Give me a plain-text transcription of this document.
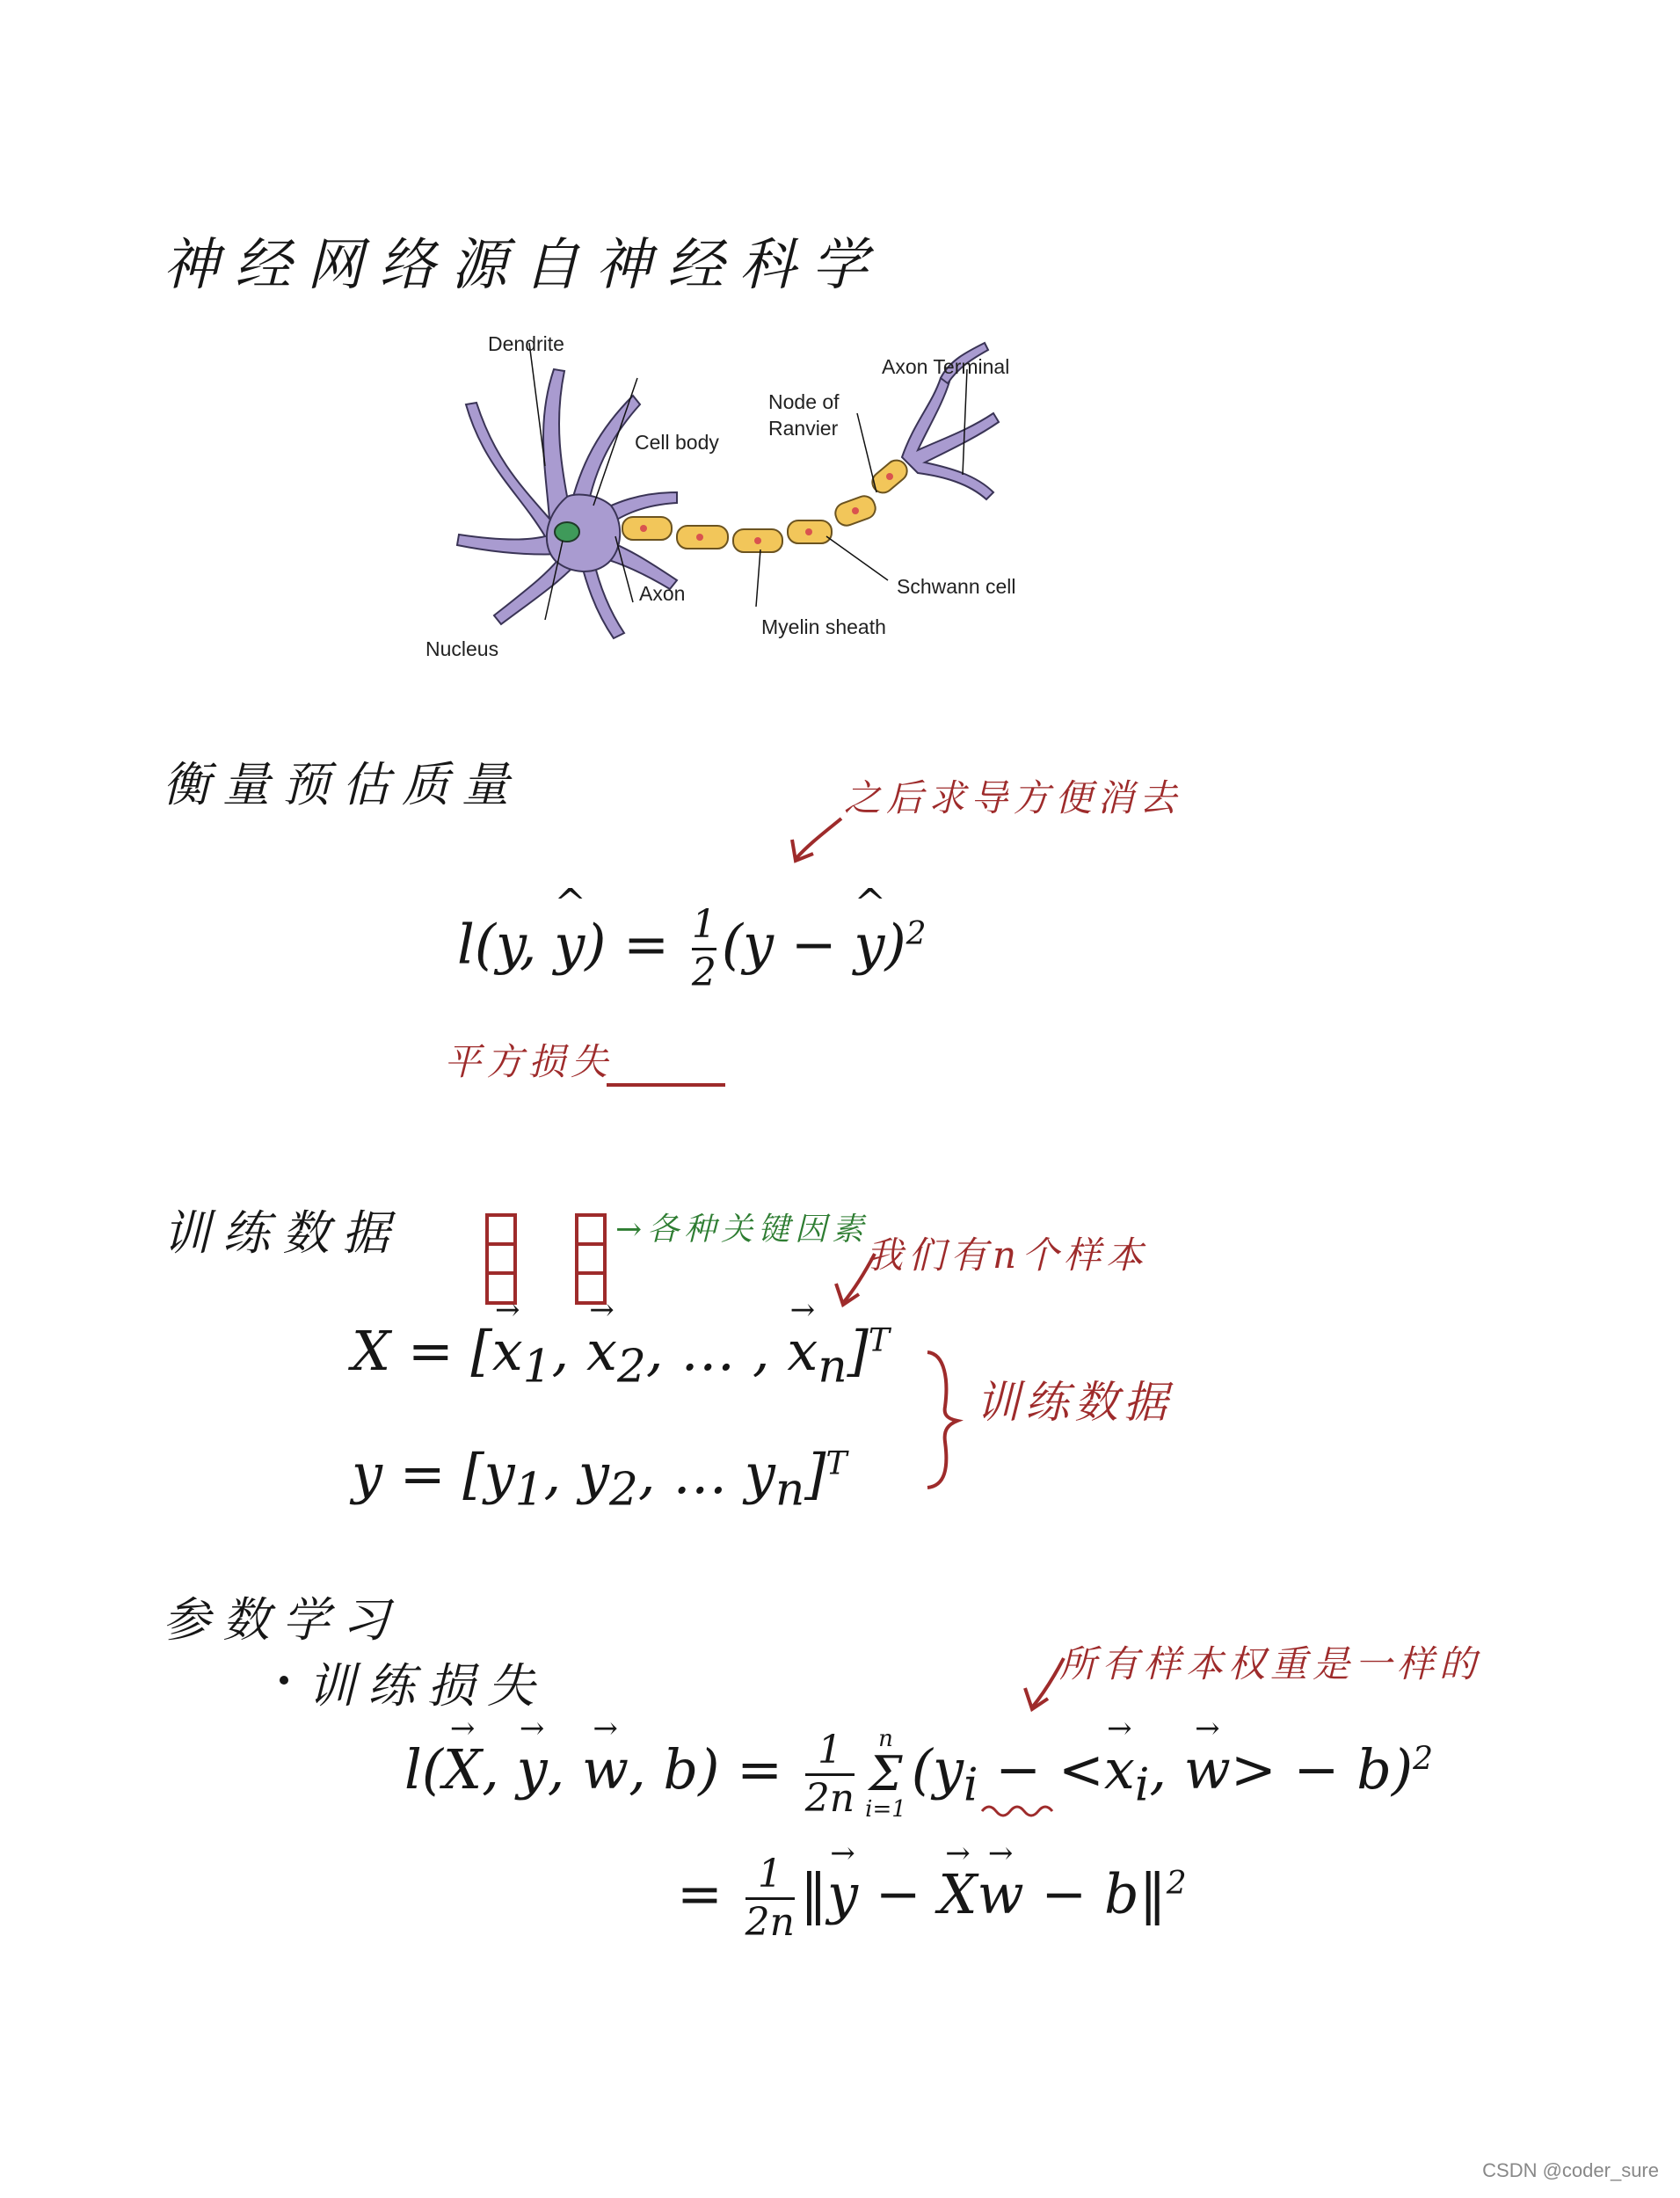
神经网络源自神经科学
Dendrite
Cell body
Node of
Ranvier
Axon Terminal
Schwann cell
Axon
Myelin sheath
Nucleus
衡量预估质量	之后求导方便消去
l(y, ^ $y) = \frac{1}{2} (y$ − ^ y)$^2$
平方损失
训练数据	→各种关键因素
我们有n个样本
X = [→ $x_1$, → $x_2$, … , → $x_n]^T$
$y = [y_1$, $y_2$, … $y_n]^T$
训练数据
参数学习
训练损失	所有样本权重是一样的
l(→ X, → y, → w, $b) = \frac{1}{2n}$ n
Σ
i=1
($y_i$ − <→ $x_i$, → w> − b)$^2$
= $\frac{1}{2n}$ ‖→ y − → X→ w − b‖$^2$
CSDN @coder_sure
